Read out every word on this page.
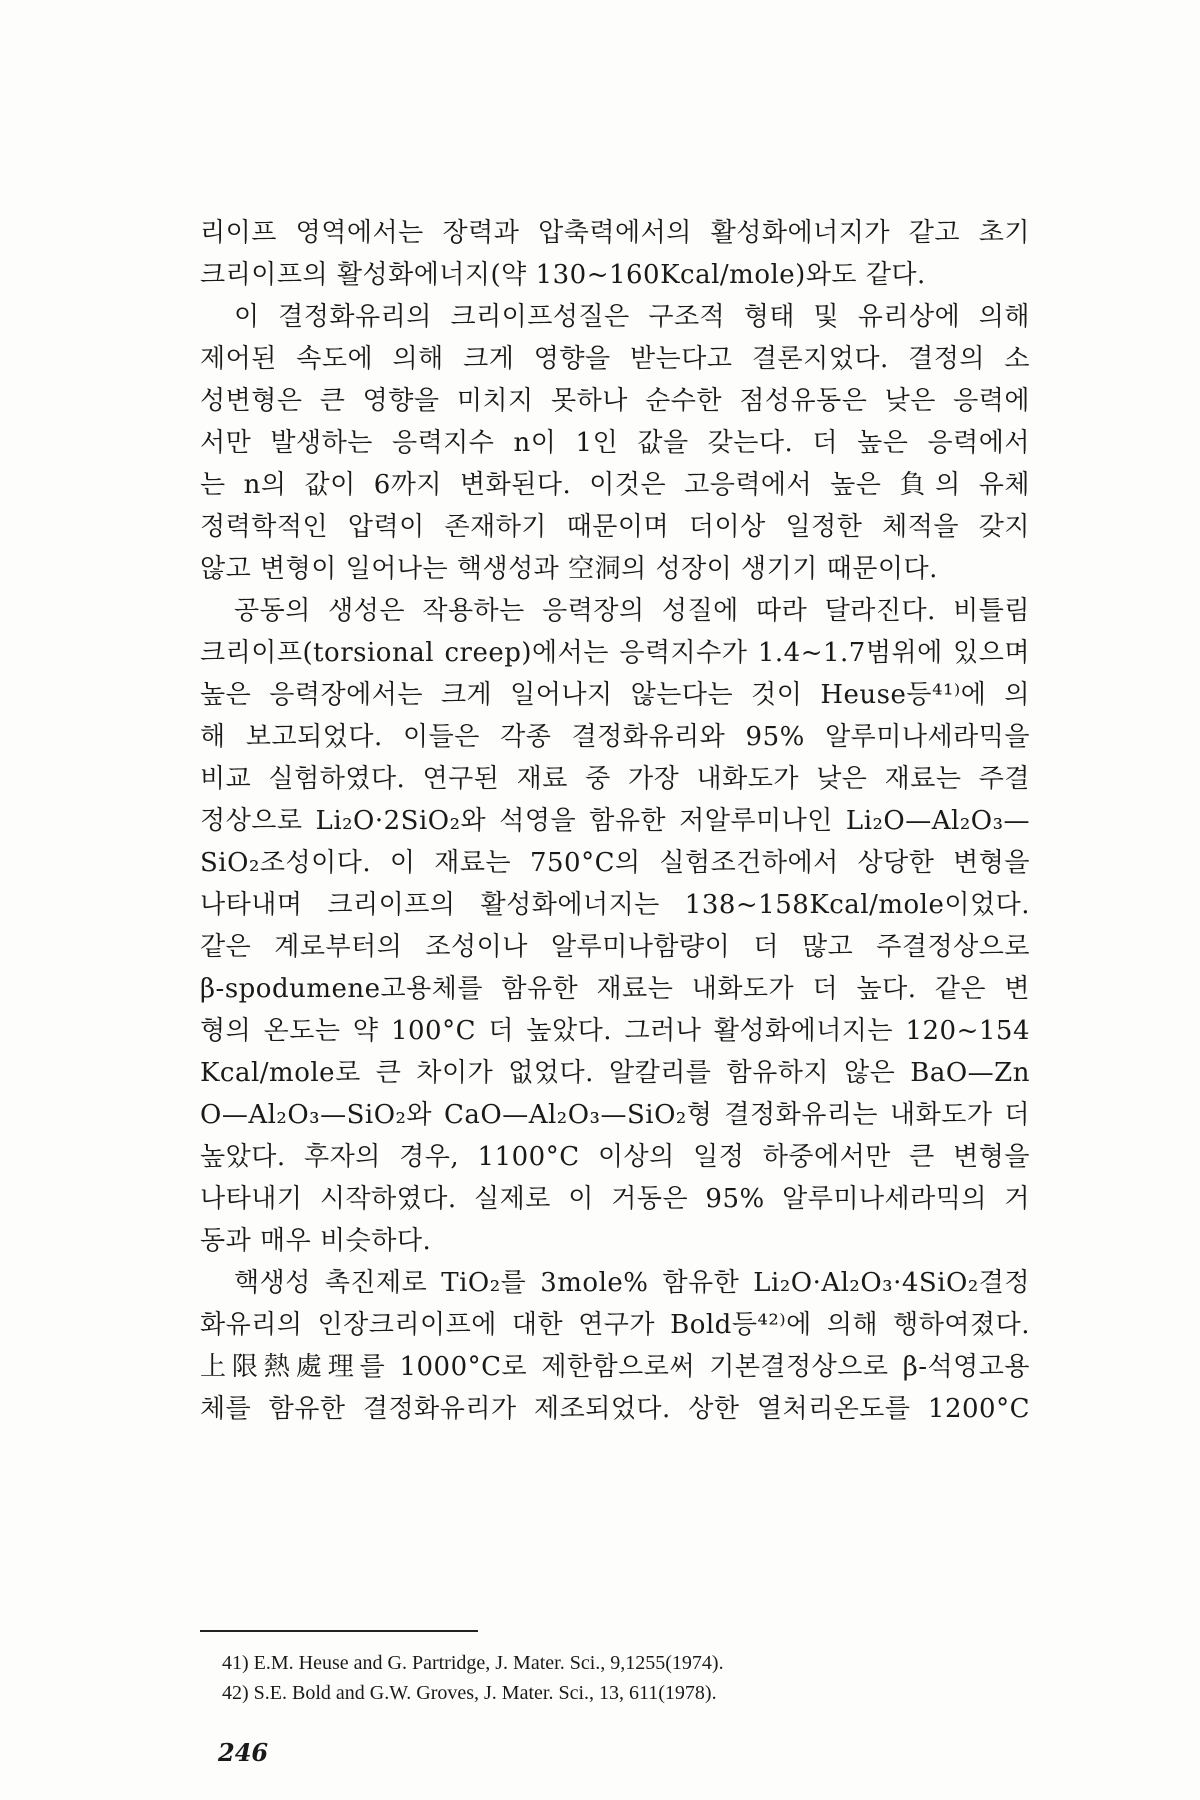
리이프 영역에서는 장력과 압축력에서의 활성화에너지가 같고 초기
크리이프의 활성화에너지(약 130~160Kcal/mole)와도 같다.
이 결정화유리의 크리이프성질은 구조적 형태 및 유리상에 의해
제어된 속도에 의해 크게 영향을 받는다고 결론지었다. 결정의 소
성변형은 큰 영향을 미치지 못하나 순수한 점성유동은 낮은 응력에
서만 발생하는 응력지수 n이 1인 값을 갖는다. 더 높은 응력에서
는 n의 값이 6까지 변화된다. 이것은 고응력에서 높은 負의 유체
정력학적인 압력이 존재하기 때문이며 더이상 일정한 체적을 갖지
않고 변형이 일어나는 핵생성과 空洞의 성장이 생기기 때문이다.
공동의 생성은 작용하는 응력장의 성질에 따라 달라진다. 비틀림
크리이프(torsional creep)에서는 응력지수가 1.4~1.7범위에 있으며
높은 응력장에서는 크게 일어나지 않는다는 것이 Heuse등⁴¹⁾에 의
해 보고되었다. 이들은 각종 결정화유리와 95% 알루미나세라믹을
비교 실험하였다. 연구된 재료 중 가장 내화도가 낮은 재료는 주결
정상으로 Li₂O·2SiO₂와 석영을 함유한 저알루미나인 Li₂O—Al₂O₃—
SiO₂조성이다. 이 재료는 750°C의 실험조건하에서 상당한 변형을
나타내며 크리이프의 활성화에너지는 138~158Kcal/mole이었다.
같은 계로부터의 조성이나 알루미나함량이 더 많고 주결정상으로
β-spodumene고용체를 함유한 재료는 내화도가 더 높다. 같은 변
형의 온도는 약 100°C 더 높았다. 그러나 활성화에너지는 120~154
Kcal/mole로 큰 차이가 없었다. 알칼리를 함유하지 않은 BaO—Zn
O—Al₂O₃—SiO₂와 CaO—Al₂O₃—SiO₂형 결정화유리는 내화도가 더
높았다. 후자의 경우, 1100°C 이상의 일정 하중에서만 큰 변형을
나타내기 시작하였다. 실제로 이 거동은 95% 알루미나세라믹의 거
동과 매우 비슷하다.
핵생성 촉진제로 TiO₂를 3mole% 함유한 Li₂O·Al₂O₃·4SiO₂결정
화유리의 인장크리이프에 대한 연구가 Bold등⁴²⁾에 의해 행하여졌다.
上限熱處理를 1000°C로 제한함으로써 기본결정상으로 β-석영고용
체를 함유한 결정화유리가 제조되었다. 상한 열처리온도를 1200°C
41) E.M. Heuse and G. Partridge, J. Mater. Sci., 9,1255(1974).
42) S.E. Bold and G.W. Groves, J. Mater. Sci., 13, 611(1978).
246
